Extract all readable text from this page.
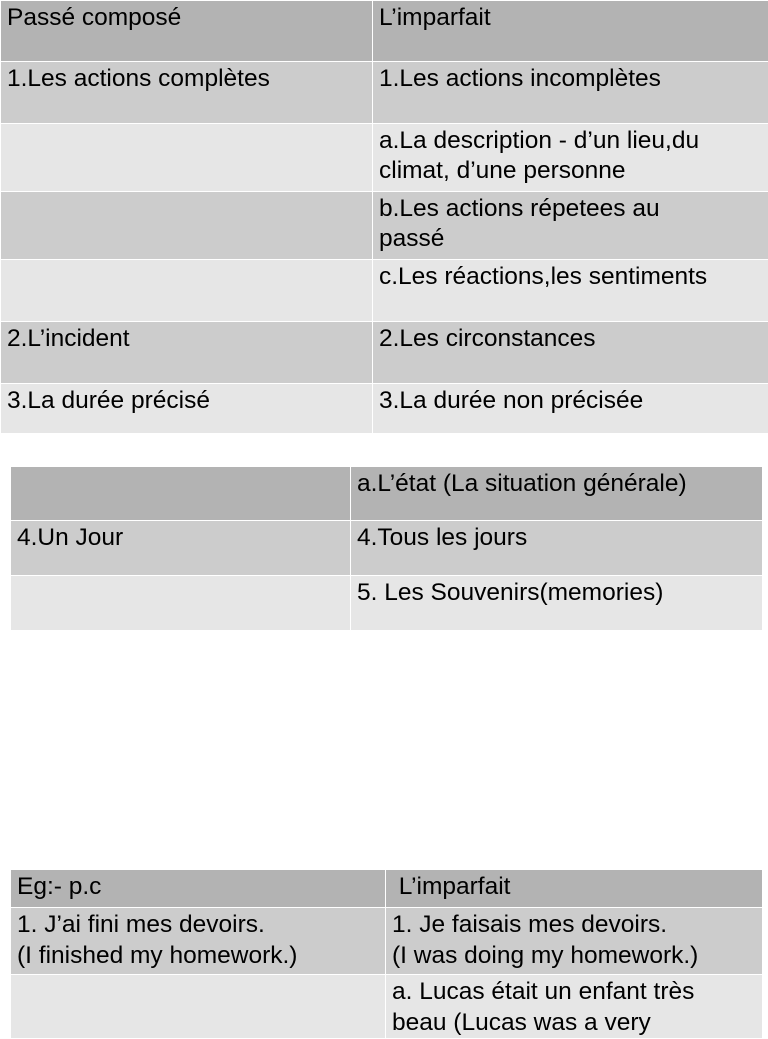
Passé composé	L’imparfait
1.Les actions complètes	1.Les actions incomplètes

	a.La description - d’un lieu,du
climat, d’une personne

	b.Les actions répetees au
passé

	c.Les réactions,les sentiments
2.L’incident	2.Les circonstances
3.La durée précisé	3.La durée non précisée
	a.L’état (La situation générale)
4.Un Jour	4.Tous les jours
	5. Les Souvenirs(memories)
Eg:- p.c	L’imparfait

1. J’ai fini mes devoirs.
(I finished my homework.)	1. Je faisais mes devoirs.
(I was doing my homework.)

	a. Lucas était un enfant très
beau (Lucas was a very
